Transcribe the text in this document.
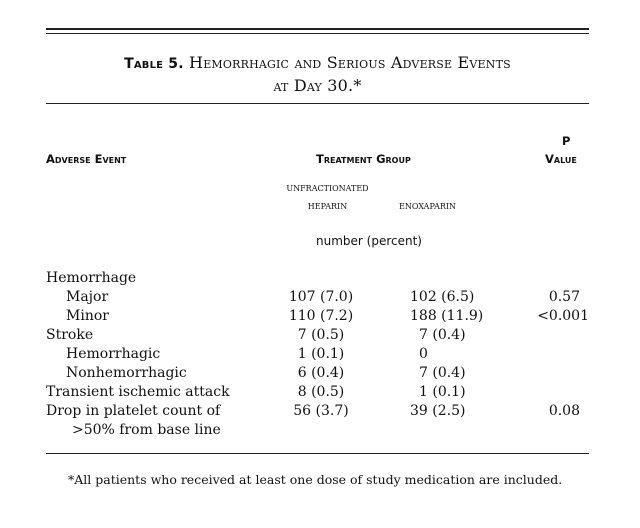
Table 5. Hemorrhagic and Serious Adverse Events
at Day 30.*
Adverse Event	Treatment Group
P
Value
unfractionated
heparin	enoxaparin
number (percent)
Hemorrhage
Major	107 (7.0)	102 (6.5)	0.57
Minor	110 (7.2)	188 (11.9)	<0.001
Stroke	7 (0.5)	7 (0.4)
Hemorrhagic	1 (0.1)	0
Nonhemorrhagic	6 (0.4)	7 (0.4)
Transient ischemic attack	8 (0.5)	1 (0.1)
Drop in platelet count of	56 (3.7)	39 (2.5)	0.08
>50% from base line
*All patients who received at least one dose of study medication are included.
